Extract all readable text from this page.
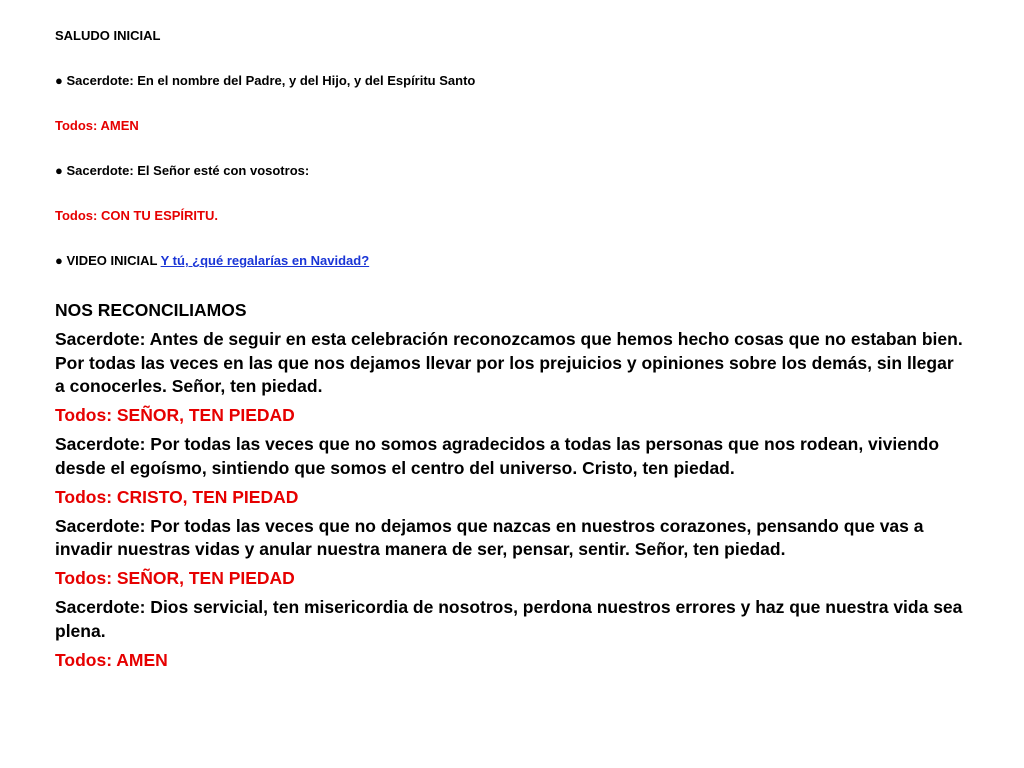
SALUDO INICIAL
● Sacerdote: En el nombre del Padre, y del Hijo, y del Espíritu Santo
Todos: AMEN
● Sacerdote: El Señor esté con vosotros:
Todos: CON TU ESPÍRITU.
● VIDEO INICIAL Y tú, ¿qué regalarías en Navidad?

NOS RECONCILIAMOS

Sacerdote: Antes de seguir en esta celebración reconozcamos que hemos hecho cosas que no estaban bien. Por todas las veces en las que nos dejamos llevar por los prejuicios y opiniones sobre los demás, sin llegar a conocerles. Señor, ten piedad.

Todos: SEÑOR, TEN PIEDAD

Sacerdote: Por todas las veces que no somos agradecidos a todas las personas que nos rodean, viviendo desde el egoísmo, sintiendo que somos el centro del universo. Cristo, ten piedad.

Todos: CRISTO, TEN PIEDAD

Sacerdote: Por todas las veces que no dejamos que nazcas en nuestros corazones, pensando que vas a invadir nuestras vidas y anular nuestra manera de ser, pensar, sentir. Señor, ten piedad.

Todos: SEÑOR, TEN PIEDAD

Sacerdote: Dios servicial, ten misericordia de nosotros, perdona nuestros errores y haz que nuestra vida sea plena.

Todos: AMEN
